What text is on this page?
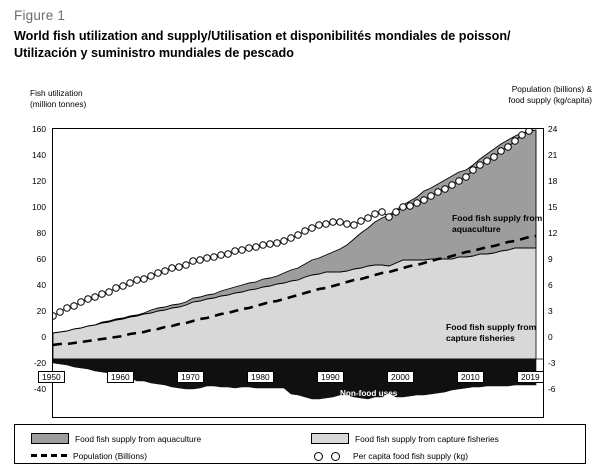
Figure 1
World fish utilization and supply/Utilisation et disponibilités mondiales de poisson/
Utilización y suministro mundiales de pescado
Fish utilization
(million tonnes)
Population (billions) &
food supply (kg/capita)
160
140
120
100
80
60
40
20
0
-20
-40
24
21
18
15
12
9
6
3
0
-3
-6
Food fish supply from
aquaculture
Food fish supply from
capture fisheries
Non-food uses
1950	1960	1970	1980	1990	2000	2010	2019
Food fish supply from aquaculture	Food fish supply from capture fisheries
Population (Billions)	Per capita food fish supply (kg)
